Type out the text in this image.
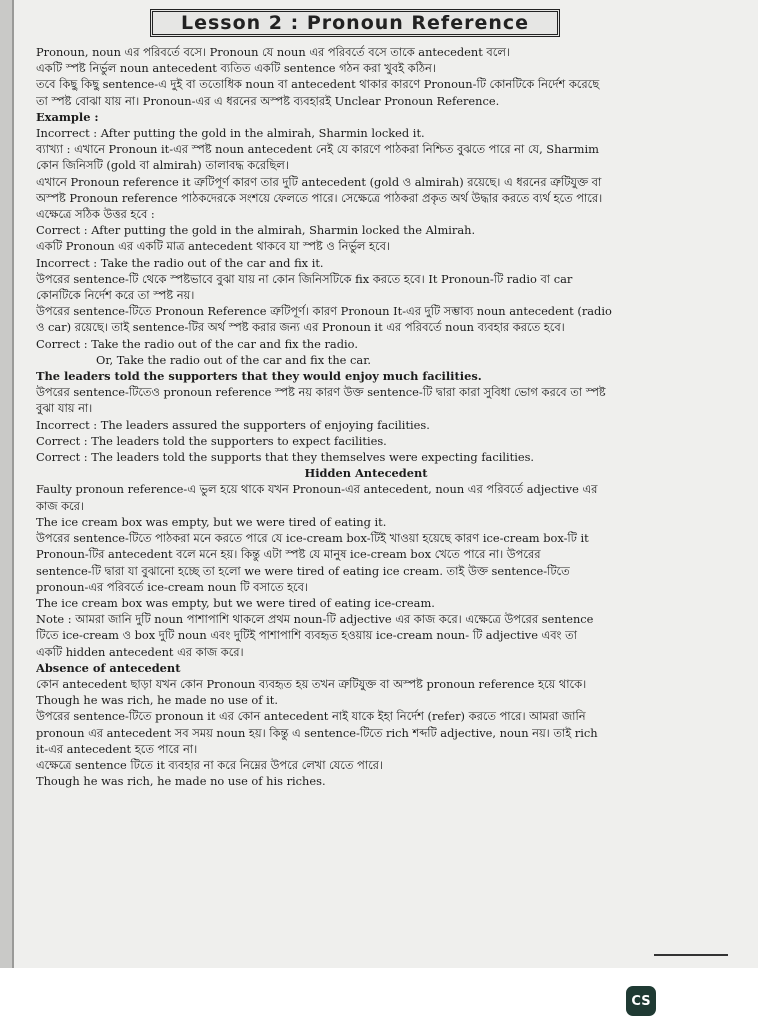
Lesson 2 : Pronoun Reference
Pronoun, noun এর পরিবর্তে বসে। Pronoun যে noun এর পরিবর্তে বসে তাকে antecedent বলে।
একটি স্পষ্ট নির্ভুল noun antecedent ব্যতিত একটি sentence গঠন করা খুবই কঠিন।
তবে কিছু কিছু sentence-এ দুই বা ততোধিক noun বা antecedent থাকার কারণে Pronoun-টি কোনটিকে নির্দেশ করেছে
তা স্পষ্ট বোঝা যায় না। Pronoun-এর এ ধরনের অস্পষ্ট ব্যবহারই Unclear Pronoun Reference.
Example :
Incorrect : After putting the gold in the almirah, Sharmin locked it.
ব্যাখ্যা : এখানে Pronoun it-এর স্পষ্ট noun antecedent নেই যে কারণে পাঠকরা নিশ্চিত বুঝতে পারে না যে, Sharmim
কোন জিনিসটি (gold বা almirah) তালাবদ্ধ করেছিল।
এখানে Pronoun reference it ত্রুটিপূর্ণ কারণ তার দুটি antecedent (gold ও almirah) রয়েছে। এ ধরনের ত্রুটিযুক্ত বা
অস্পষ্ট Pronoun reference পাঠকদেরকে সংশয়ে ফেলতে পারে। সেক্ষেত্রে পাঠকরা প্রকৃত অর্থ উদ্ধার করতে ব্যর্থ হতে পারে।
এক্ষেত্রে সঠিক উত্তর হবে :
Correct : After putting the gold in the almirah, Sharmin locked the Almirah.
একটি Pronoun এর একটি মাত্র antecedent থাকবে যা স্পষ্ট ও নির্ভুল হবে।
Incorrect : Take the radio out of the car and fix it.
উপরের sentence-টি থেকে স্পষ্টভাবে বুঝা যায় না কোন জিনিসটিকে fix করতে হবে। It Pronoun-টি radio বা car
কোনটিকে নির্দেশ করে তা স্পষ্ট নয়।
উপরের sentence-টিতে Pronoun Reference ত্রুটিপূর্ণ। কারণ Pronoun It-এর দুটি সম্ভাব্য noun antecedent (radio
ও car) রয়েছে। তাই sentence-টির অর্থ স্পষ্ট করার জন্য এর Pronoun it এর পরিবর্তে noun ব্যবহার করতে হবে।
Correct : Take the radio out of the car and fix the radio.
Or, Take the radio out of the car and fix the car.
The leaders told the supporters that they would enjoy much facilities.
উপরের sentence-টিতেও pronoun reference স্পষ্ট নয় কারণ উক্ত sentence-টি দ্বারা কারা সুবিধা ভোগ করবে তা স্পষ্ট
বুঝা যায় না।
Incorrect : The leaders assured the supporters of enjoying facilities.
Correct : The leaders told the supporters to expect facilities.
Correct : The leaders told the supports that they themselves were expecting facilities.
Hidden Antecedent
Faulty pronoun reference-এ ভুল হয়ে থাকে যখন Pronoun-এর antecedent, noun এর পরিবর্তে adjective এর
কাজ করে।
The ice cream box was empty, but we were tired of eating it.
উপরের sentence-টিতে পাঠকরা মনে করতে পারে যে ice-cream box-টিই খাওয়া হয়েছে কারণ ice-cream box-টি it
Pronoun-টির antecedent বলে মনে হয়। কিন্তু এটা স্পষ্ট যে মানুষ ice-cream box খেতে পারে না। উপরের
sentence-টি দ্বারা যা বুঝানো হচ্ছে তা হলো we were tired of eating ice cream. তাই উক্ত sentence-টিতে
pronoun-এর পরিবর্তে ice-cream noun টি বসাতে হবে।
The ice cream box was empty, but we were tired of eating ice-cream.
Note : আমরা জানি দুটি noun পাশাপাশি থাকলে প্রথম noun-টি adjective এর কাজ করে। এক্ষেত্রে উপরের sentence
টিতে ice-cream ও box দুটি noun এবং দুটিই পাশাপাশি ব্যবহৃত হওয়ায় ice-cream noun- টি adjective এবং তা
একটি hidden antecedent এর কাজ করে।
Absence of antecedent
কোন antecedent ছাড়া যখন কোন Pronoun ব্যবহৃত হয় তখন ত্রুটিযুক্ত বা অস্পষ্ট pronoun reference হয়ে থাকে।
Though he was rich, he made no use of it.
উপরের sentence-টিতে pronoun it এর কোন antecedent নাই যাকে ইহা নির্দেশ (refer) করতে পারে। আমরা জানি
pronoun এর antecedent সব সময় noun হয়। কিন্তু এ sentence-টিতে rich শব্দটি adjective, noun নয়। তাই rich
it-এর antecedent হতে পারে না।
এক্ষেত্রে sentence টিতে it ব্যবহার না করে নিম্নের উপরে লেখা যেতে পারে।
Though he was rich, he made no use of his riches.
CS
